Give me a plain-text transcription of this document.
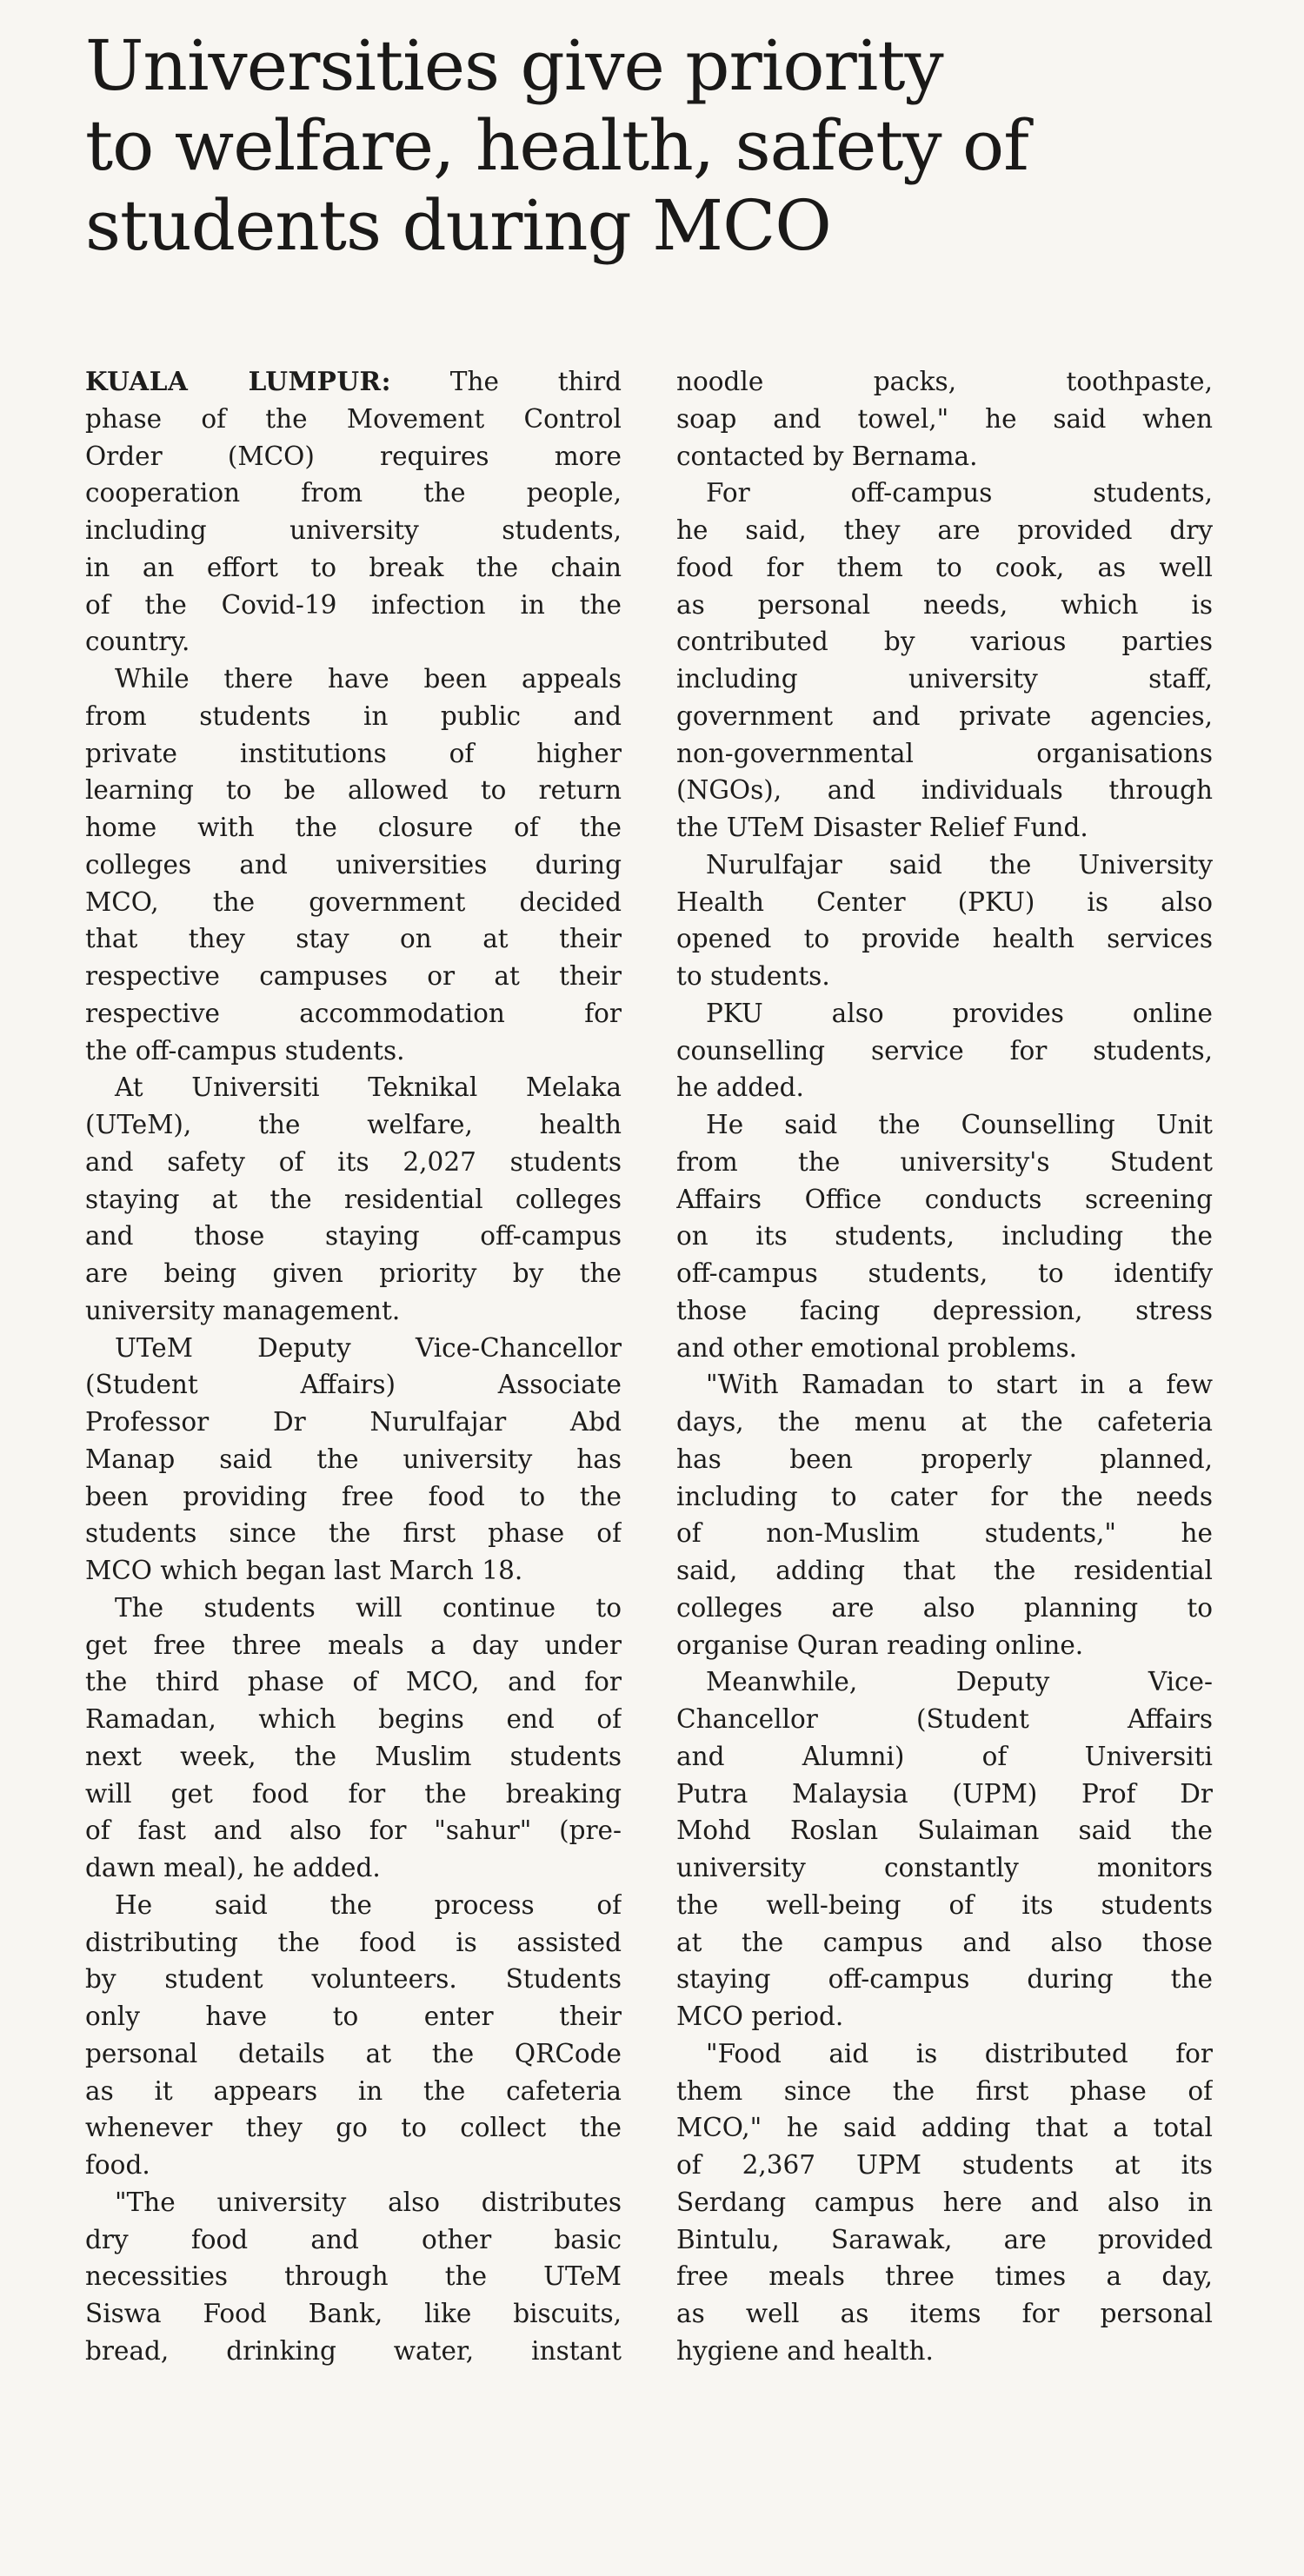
Universities give priority
to welfare, health, safety of
students during MCO
KUALA LUMPUR: The third
phase of the Movement Control
Order (MCO) requires more
cooperation from the people,
including university students,
in an effort to break the chain
of the Covid-19 infection in the
country.
While there have been appeals
from students in public and
private institutions of higher
learning to be allowed to return
home with the closure of the
colleges and universities during
MCO, the government decided
that they stay on at their
respective campuses or at their
respective accommodation for
the off-campus students.
At Universiti Teknikal Melaka
(UTeM), the welfare, health
and safety of its 2,027 students
staying at the residential colleges
and those staying off-campus
are being given priority by the
university management.
UTeM Deputy Vice-Chancellor
(Student Affairs) Associate
Professor Dr Nurulfajar Abd
Manap said the university has
been providing free food to the
students since the first phase of
MCO which began last March 18.
The students will continue to
get free three meals a day under
the third phase of MCO, and for
Ramadan, which begins end of
next week, the Muslim students
will get food for the breaking
of fast and also for "sahur" (pre-
dawn meal), he added.
He said the process of
distributing the food is assisted
by student volunteers. Students
only have to enter their
personal details at the QRCode
as it appears in the cafeteria
whenever they go to collect the
food.
"The university also distributes
dry food and other basic
necessities through the UTeM
Siswa Food Bank, like biscuits,
bread, drinking water, instant
noodle packs, toothpaste,
soap and towel," he said when
contacted by Bernama.
For off-campus students,
he said, they are provided dry
food for them to cook, as well
as personal needs, which is
contributed by various parties
including university staff,
government and private agencies,
non-governmental organisations
(NGOs), and individuals through
the UTeM Disaster Relief Fund.
Nurulfajar said the University
Health Center (PKU) is also
opened to provide health services
to students.
PKU also provides online
counselling service for students,
he added.
He said the Counselling Unit
from the university's Student
Affairs Office conducts screening
on its students, including the
off-campus students, to identify
those facing depression, stress
and other emotional problems.
"With Ramadan to start in a few
days, the menu at the cafeteria
has been properly planned,
including to cater for the needs
of non-Muslim students," he
said, adding that the residential
colleges are also planning to
organise Quran reading online.
Meanwhile, Deputy Vice-
Chancellor (Student Affairs
and Alumni) of Universiti
Putra Malaysia (UPM) Prof Dr
Mohd Roslan Sulaiman said the
university constantly monitors
the well-being of its students
at the campus and also those
staying off-campus during the
MCO period.
"Food aid is distributed for
them since the first phase of
MCO," he said adding that a total
of 2,367 UPM students at its
Serdang campus here and also in
Bintulu, Sarawak, are provided
free meals three times a day,
as well as items for personal
hygiene and health.
